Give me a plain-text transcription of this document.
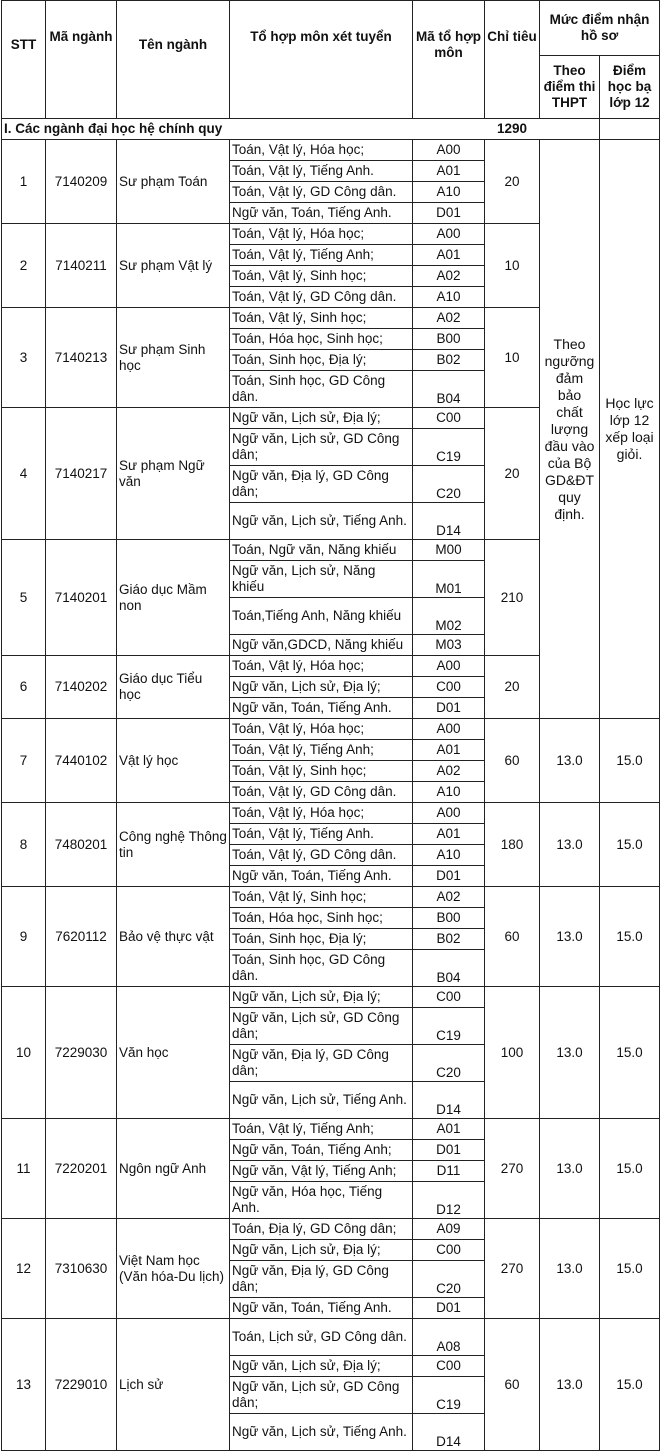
STT	Mã ngành	Tên ngành	Tổ hợp môn xét tuyển	Mã tổ hợp môn	Chỉ tiêu	Mức điểm nhận hồ sơ	
						Theo điểm thi THPT	Điểm học bạ lớp 12
I. Các ngành đại học hệ chính quy					1290		
1	7140209	Sư phạm Toán	Toán, Vật lý, Hóa học;	A00	20	Theo ngưỡng đảm bảo chất lượng đầu vào của Bộ GD&ĐT quy định.	Học lực lớp 12 xếp loại giỏi.
			Toán, Vật lý, Tiếng Anh.	A01			
			Toán, Vật lý, GD Công dân.	A10			
			Ngữ văn, Toán, Tiếng Anh.	D01			
2	7140211	Sư phạm Vật lý	Toán, Vật lý, Hóa học;	A00	10		
			Toán, Vật lý, Tiếng Anh;	A01			
			Toán, Vật lý, Sinh học;	A02			
			Toán, Vật lý, GD Công dân.	A10			
3	7140213	Sư phạm Sinh học	Toán, Vật lý, Sinh học;	A02	10		
			Toán, Hóa học, Sinh học;	B00			
			Toán, Sinh học, Địa lý;	B02			
			Toán, Sinh học, GD Công dân.	B04			
4	7140217	Sư phạm Ngữ văn	Ngữ văn, Lịch sử, Địa lý;	C00	20		
			Ngữ văn, Lịch sử, GD Công dân;	C19			
			Ngữ văn, Địa lý, GD Công dân;	C20			
			Ngữ văn, Lịch sử, Tiếng Anh.	D14			
5	7140201	Giáo dục Mầm non	Toán, Ngữ văn, Năng khiếu	M00	210		
			Ngữ văn, Lịch sử, Năng khiếu	M01			
			Toán,Tiếng Anh, Năng khiếu	M02			
			Ngữ văn,GDCD, Năng khiếu	M03			
6	7140202	Giáo dục Tiểu học	Toán, Vật lý, Hóa học;	A00	20		
			Ngữ văn, Lịch sử, Địa lý;	C00			
			Ngữ văn, Toán, Tiếng Anh.	D01			
7	7440102	Vật lý học	Toán, Vật lý, Hóa học;	A00	60	13.0	15.0
			Toán, Vật lý, Tiếng Anh;	A01			
			Toán, Vật lý, Sinh học;	A02			
			Toán, Vật lý, GD Công dân.	A10			
8	7480201	Công nghệ Thông tin	Toán, Vật lý, Hóa học;	A00	180	13.0	15.0
			Toán, Vật lý, Tiếng Anh.	A01			
			Toán, Vật lý, GD Công dân.	A10			
			Ngữ văn, Toán, Tiếng Anh.	D01			
9	7620112	Bảo vệ thực vật	Toán, Vật lý, Sinh học;	A02	60	13.0	15.0
			Toán, Hóa học, Sinh học;	B00			
			Toán, Sinh học, Địa lý;	B02			
			Toán, Sinh học, GD Công dân.	B04			
10	7229030	Văn học	Ngữ văn, Lịch sử, Địa lý;	C00	100	13.0	15.0
			Ngữ văn, Lịch sử, GD Công dân;	C19			
			Ngữ văn, Địa lý, GD Công dân;	C20			
			Ngữ văn, Lịch sử, Tiếng Anh.	D14			
11	7220201	Ngôn ngữ Anh	Toán, Vật lý, Tiếng Anh;	A01	270	13.0	15.0
			Ngữ văn, Toán, Tiếng Anh;	D01			
			Ngữ văn, Vật lý, Tiếng Anh;	D11			
			Ngữ văn, Hóa học, Tiếng Anh.	D12			
12	7310630	Việt Nam học (Văn hóa-Du lịch)	Toán, Địa lý, GD Công dân;	A09	270	13.0	15.0
			Ngữ văn, Lịch sử, Địa lý;	C00			
			Ngữ văn, Địa lý, GD Công dân;	C20			
			Ngữ văn, Toán, Tiếng Anh.	D01			
13	7229010	Lịch sử	Toán, Lịch sử, GD Công dân.	A08	60	13.0	15.0
			Ngữ văn, Lịch sử, Địa lý;	C00			
			Ngữ văn, Lịch sử, GD Công dân;	C19			
			Ngữ văn, Lịch sử, Tiếng Anh.	D14			
